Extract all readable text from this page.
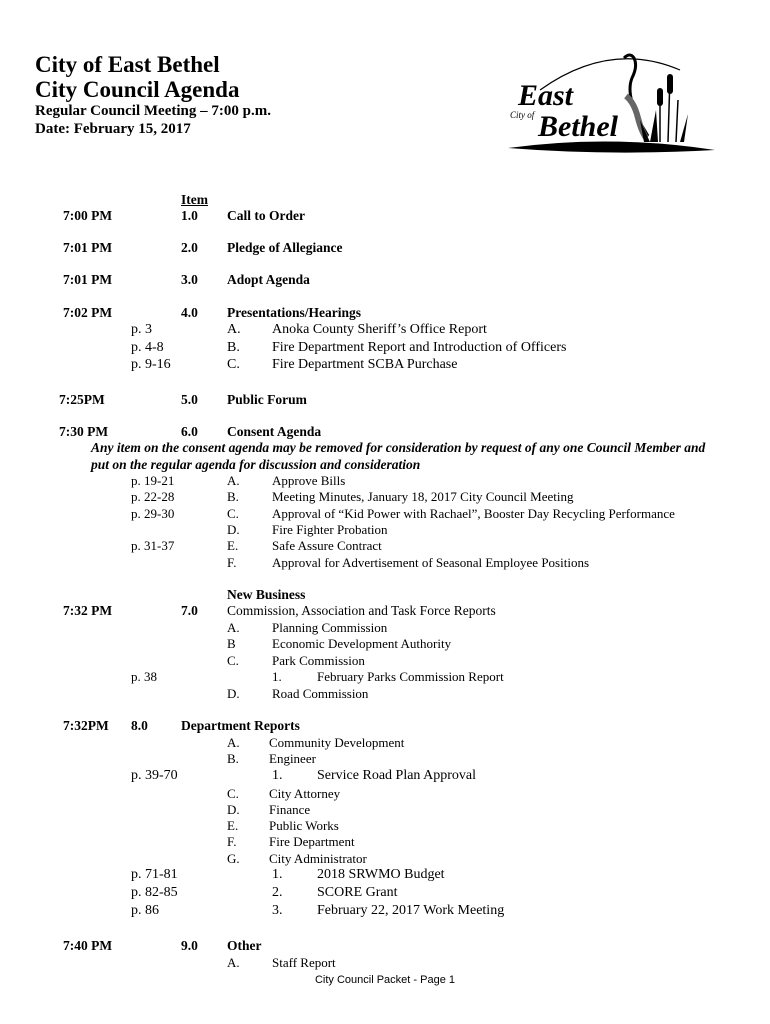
City of East Bethel
City Council Agenda
Regular Council Meeting – 7:00 p.m.
Date: February 15, 2017
East
City of Bethel
Item
7:00 PM	1.0 Call to Order
7:01 PM	2.0 Pledge of Allegiance
7:01 PM	3.0 Adopt Agenda
7:02 PM	4.0 Presentations/Hearings
p. 3	A. Anoka County Sheriff’s Office Report
p. 4-8	B. Fire Department Report and Introduction of Officers
p. 9-16	C. Fire Department SCBA Purchase
7:25PM	5.0 Public Forum
7:30 PM	6.0 Consent Agenda
Any item on the consent agenda may be removed for consideration by request of any one Council Member and
put on the regular agenda for discussion and consideration
p. 19-21	A. Approve Bills
p. 22-28	B.	Meeting Minutes, January 18, 2017 City Council Meeting
p. 29-30	C.	Approval of “Kid Power with Rachael”, Booster Day Recycling Performance
D. Fire Fighter Probation
p. 31-37	E.	Safe Assure Contract
F.	Approval for Advertisement of Seasonal Employee Positions
New Business
7:32 PM	7.0 Commission, Association and Task Force Reports
A. Planning Commission
B	Economic Development Authority
C.	Park Commission
p. 38	1.	February Parks Commission Report
D. Road Commission
7:32PM 8.0 Department Reports
A. Community Development
B. Engineer
p. 39-70	1. Service Road Plan Approval
C. City Attorney
D. Finance
E. Public Works
F.	Fire Department
G. City Administrator
p. 71-81	1. 2018 SRWMO Budget
p. 82-85	2. SCORE Grant
p. 86	3. February 22, 2017 Work Meeting
7:40 PM	9.0 Other
A. Staff Report
City Council Packet - Page 1
